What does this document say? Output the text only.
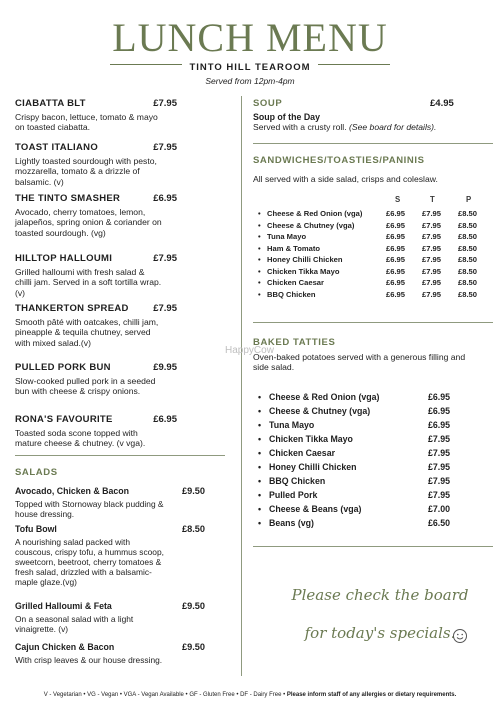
LUNCH MENU
TINTO HILL TEAROOM
Served from 12pm-4pm
CIABATTA BLT	£7.95
Crispy bacon, lettuce, tomato & mayo on toasted ciabatta.
TOAST ITALIANO	£7.95
Lightly toasted sourdough with pesto, mozzarella, tomato & a drizzle of balsamic. (v)
THE TINTO SMASHER	£6.95
Avocado, cherry tomatoes, lemon, jalapeños, spring onion & coriander on toasted sourdough. (vg)
HILLTOP HALLOUMI	£7.95
Grilled halloumi with fresh salad & chilli jam. Served in a soft tortilla wrap. (v)
THANKERTON SPREAD	£7.95
Smooth pâté with oatcakes, chilli jam, pineapple & tequila chutney, served with mixed salad.(v)
PULLED PORK BUN	£9.95
Slow-cooked pulled pork in a seeded bun with cheese & crispy onions.
RONA'S FAVOURITE	£6.95
Toasted soda scone topped with mature cheese & chutney. (v vga).
SALADS
Avocado, Chicken & Bacon	£9.50
Topped with Stornoway black pudding & house dressing.
Tofu Bowl	£8.50
A nourishing salad packed with couscous, crispy tofu, a hummus scoop, sweetcorn, beetroot, cherry tomatoes & fresh salad, drizzled with a balsamic-maple glaze.(vg)
Grilled Halloumi & Feta	£9.50
On a seasonal salad with a light vinaigrette. (v)
Cajun Chicken & Bacon	£9.50
With crisp leaves & our house dressing.
SOUP	£4.95
Soup of the Day
Served with a crusty roll. (See board for details).
SANDWICHES/TOASTIES/PANINIS
All served with a side salad, crisps and coleslaw.
S	T	P
• Cheese & Red Onion (vga)	£6.95 £7.95 £8.50
• Cheese & Chutney (vga)	£6.95 £7.95 £8.50
• Tuna Mayo	£6.95 £7.95 £8.50
• Ham & Tomato	£6.95 £7.95 £8.50
• Honey Chilli Chicken	£6.95 £7.95 £8.50
• Chicken Tikka Mayo	£6.95 £7.95 £8.50
• Chicken Caesar	£6.95 £7.95 £8.50
• BBQ Chicken	£6.95 £7.95 £8.50
BAKED TATTIES
Oven-baked potatoes served with a generous filling and side salad.
• Cheese & Red Onion (vga)	£6.95
• Cheese & Chutney (vga)	£6.95
• Tuna Mayo	£6.95
• Chicken Tikka Mayo	£7.95
• Chicken Caesar	£7.95
• Honey Chilli Chicken	£7.95
• BBQ Chicken	£7.95
• Pulled Pork	£7.95
• Cheese & Beans (vga)	£7.00
• Beans (vg)	£6.50
HappyCow
Please check the board
for today's specials.
V - Vegetarian • VG - Vegan • VGA - Vegan Available • GF - Gluten Free • DF - Dairy Free • Please inform staff of any allergies or dietary requirements.
